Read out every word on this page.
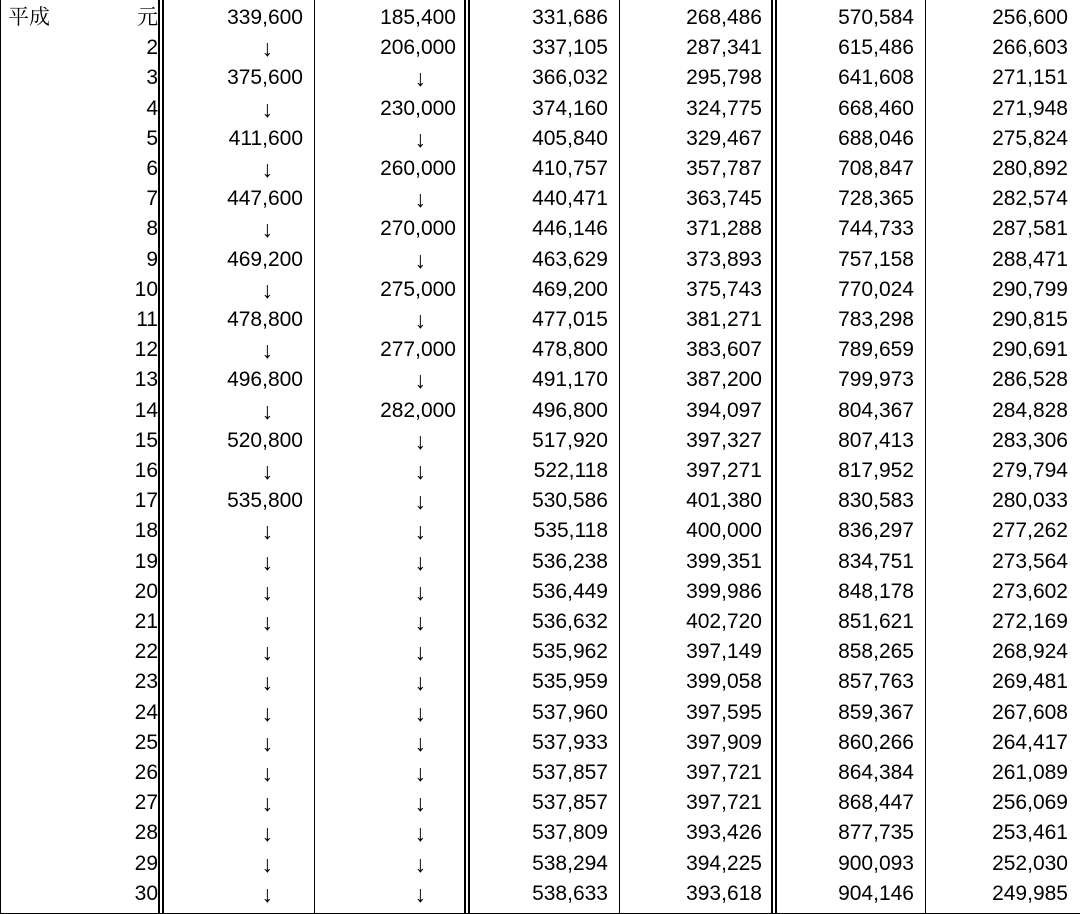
平成	元	339,600	185,400	331,686	268,486	570,584	256,600
2	↓	206,000	337,105	287,341	615,486	266,603
3	375,600	↓	366,032	295,798	641,608	271,151
4	↓	230,000	374,160	324,775	668,460	271,948
5	411,600	↓	405,840	329,467	688,046	275,824
6	↓	260,000	410,757	357,787	708,847	280,892
7	447,600	↓	440,471	363,745	728,365	282,574
8	↓	270,000	446,146	371,288	744,733	287,581
9	469,200	↓	463,629	373,893	757,158	288,471
10	↓	275,000	469,200	375,743	770,024	290,799
11	478,800	↓	477,015	381,271	783,298	290,815
12	↓	277,000	478,800	383,607	789,659	290,691
13	496,800	↓	491,170	387,200	799,973	286,528
14	↓	282,000	496,800	394,097	804,367	284,828
15	520,800	↓	517,920	397,327	807,413	283,306
16	↓	↓	522,118	397,271	817,952	279,794
17	535,800	↓	530,586	401,380	830,583	280,033
18	↓	↓	535,118	400,000	836,297	277,262
19	↓	↓	536,238	399,351	834,751	273,564
20	↓	↓	536,449	399,986	848,178	273,602
21	↓	↓	536,632	402,720	851,621	272,169
22	↓	↓	535,962	397,149	858,265	268,924
23	↓	↓	535,959	399,058	857,763	269,481
24	↓	↓	537,960	397,595	859,367	267,608
25	↓	↓	537,933	397,909	860,266	264,417
26	↓	↓	537,857	397,721	864,384	261,089
27	↓	↓	537,857	397,721	868,447	256,069
28	↓	↓	537,809	393,426	877,735	253,461
29	↓	↓	538,294	394,225	900,093	252,030
30	↓	↓	538,633	393,618	904,146	249,985
